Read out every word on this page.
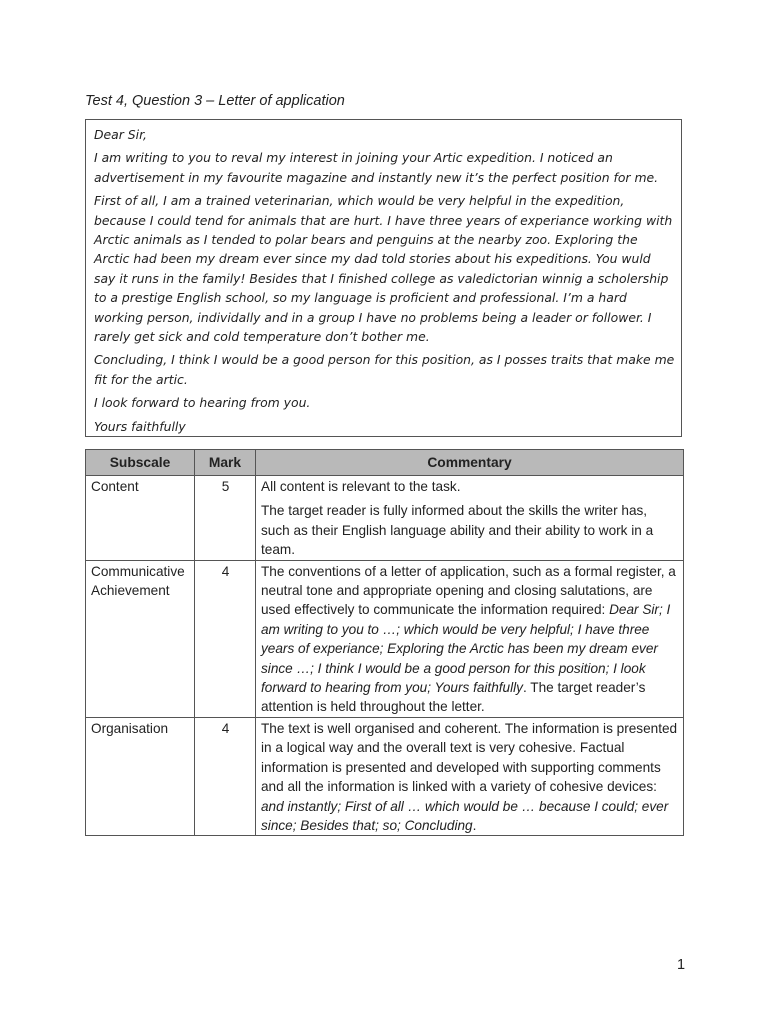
Test 4, Question 3 – Letter of application

Dear Sir,

I am writing to you to reval my interest in joining your Artic expedition. I noticed an advertisement in my favourite magazine and instantly new it’s the perfect position for me.

First of all, I am a trained veterinarian, which would be very helpful in the expedition, because I could tend for animals that are hurt. I have three years of experiance working with Arctic animals as I tended to polar bears and penguins at the nearby zoo. Exploring the Arctic had been my dream ever since my dad told stories about his expeditions. You wuld say it runs in the family! Besides that I finished college as valedictorian winnig a scholership to a prestige English school, so my language is proficient and professional. I’m a hard working person, individally and in a group I have no problems being a leader or follower. I rarely get sick and cold temperature don’t bother me.

Concluding, I think I would be a good person for this position, as I posses traits that make me fit for the artic.

I look forward to hearing from you.

Yours faithfully

Subscale	Mark	Commentary
Content	5	All content is relevant to the task.

The target reader is fully informed about the skills the writer has, such as their English language ability and their ability to work in a team.

Communicative Achievement	4	The conventions of a letter of application, such as a formal register, a neutral tone and appropriate opening and closing salutations, are used effectively to communicate the information required: Dear Sir; I am writing to you to …; which would be very helpful; I have three years of experiance; Exploring the Arctic has been my dream ever since …; I think I would be a good person for this position; I look forward to hearing from you; Yours faithfully. The target reader’s attention is held throughout the letter.

Organisation	4	The text is well organised and coherent. The information is presented in a logical way and the overall text is very cohesive. Factual information is presented and developed with supporting comments and all the information is linked with a variety of cohesive devices: and instantly; First of all … which would be … because I could; ever since; Besides that; so; Concluding.

1
